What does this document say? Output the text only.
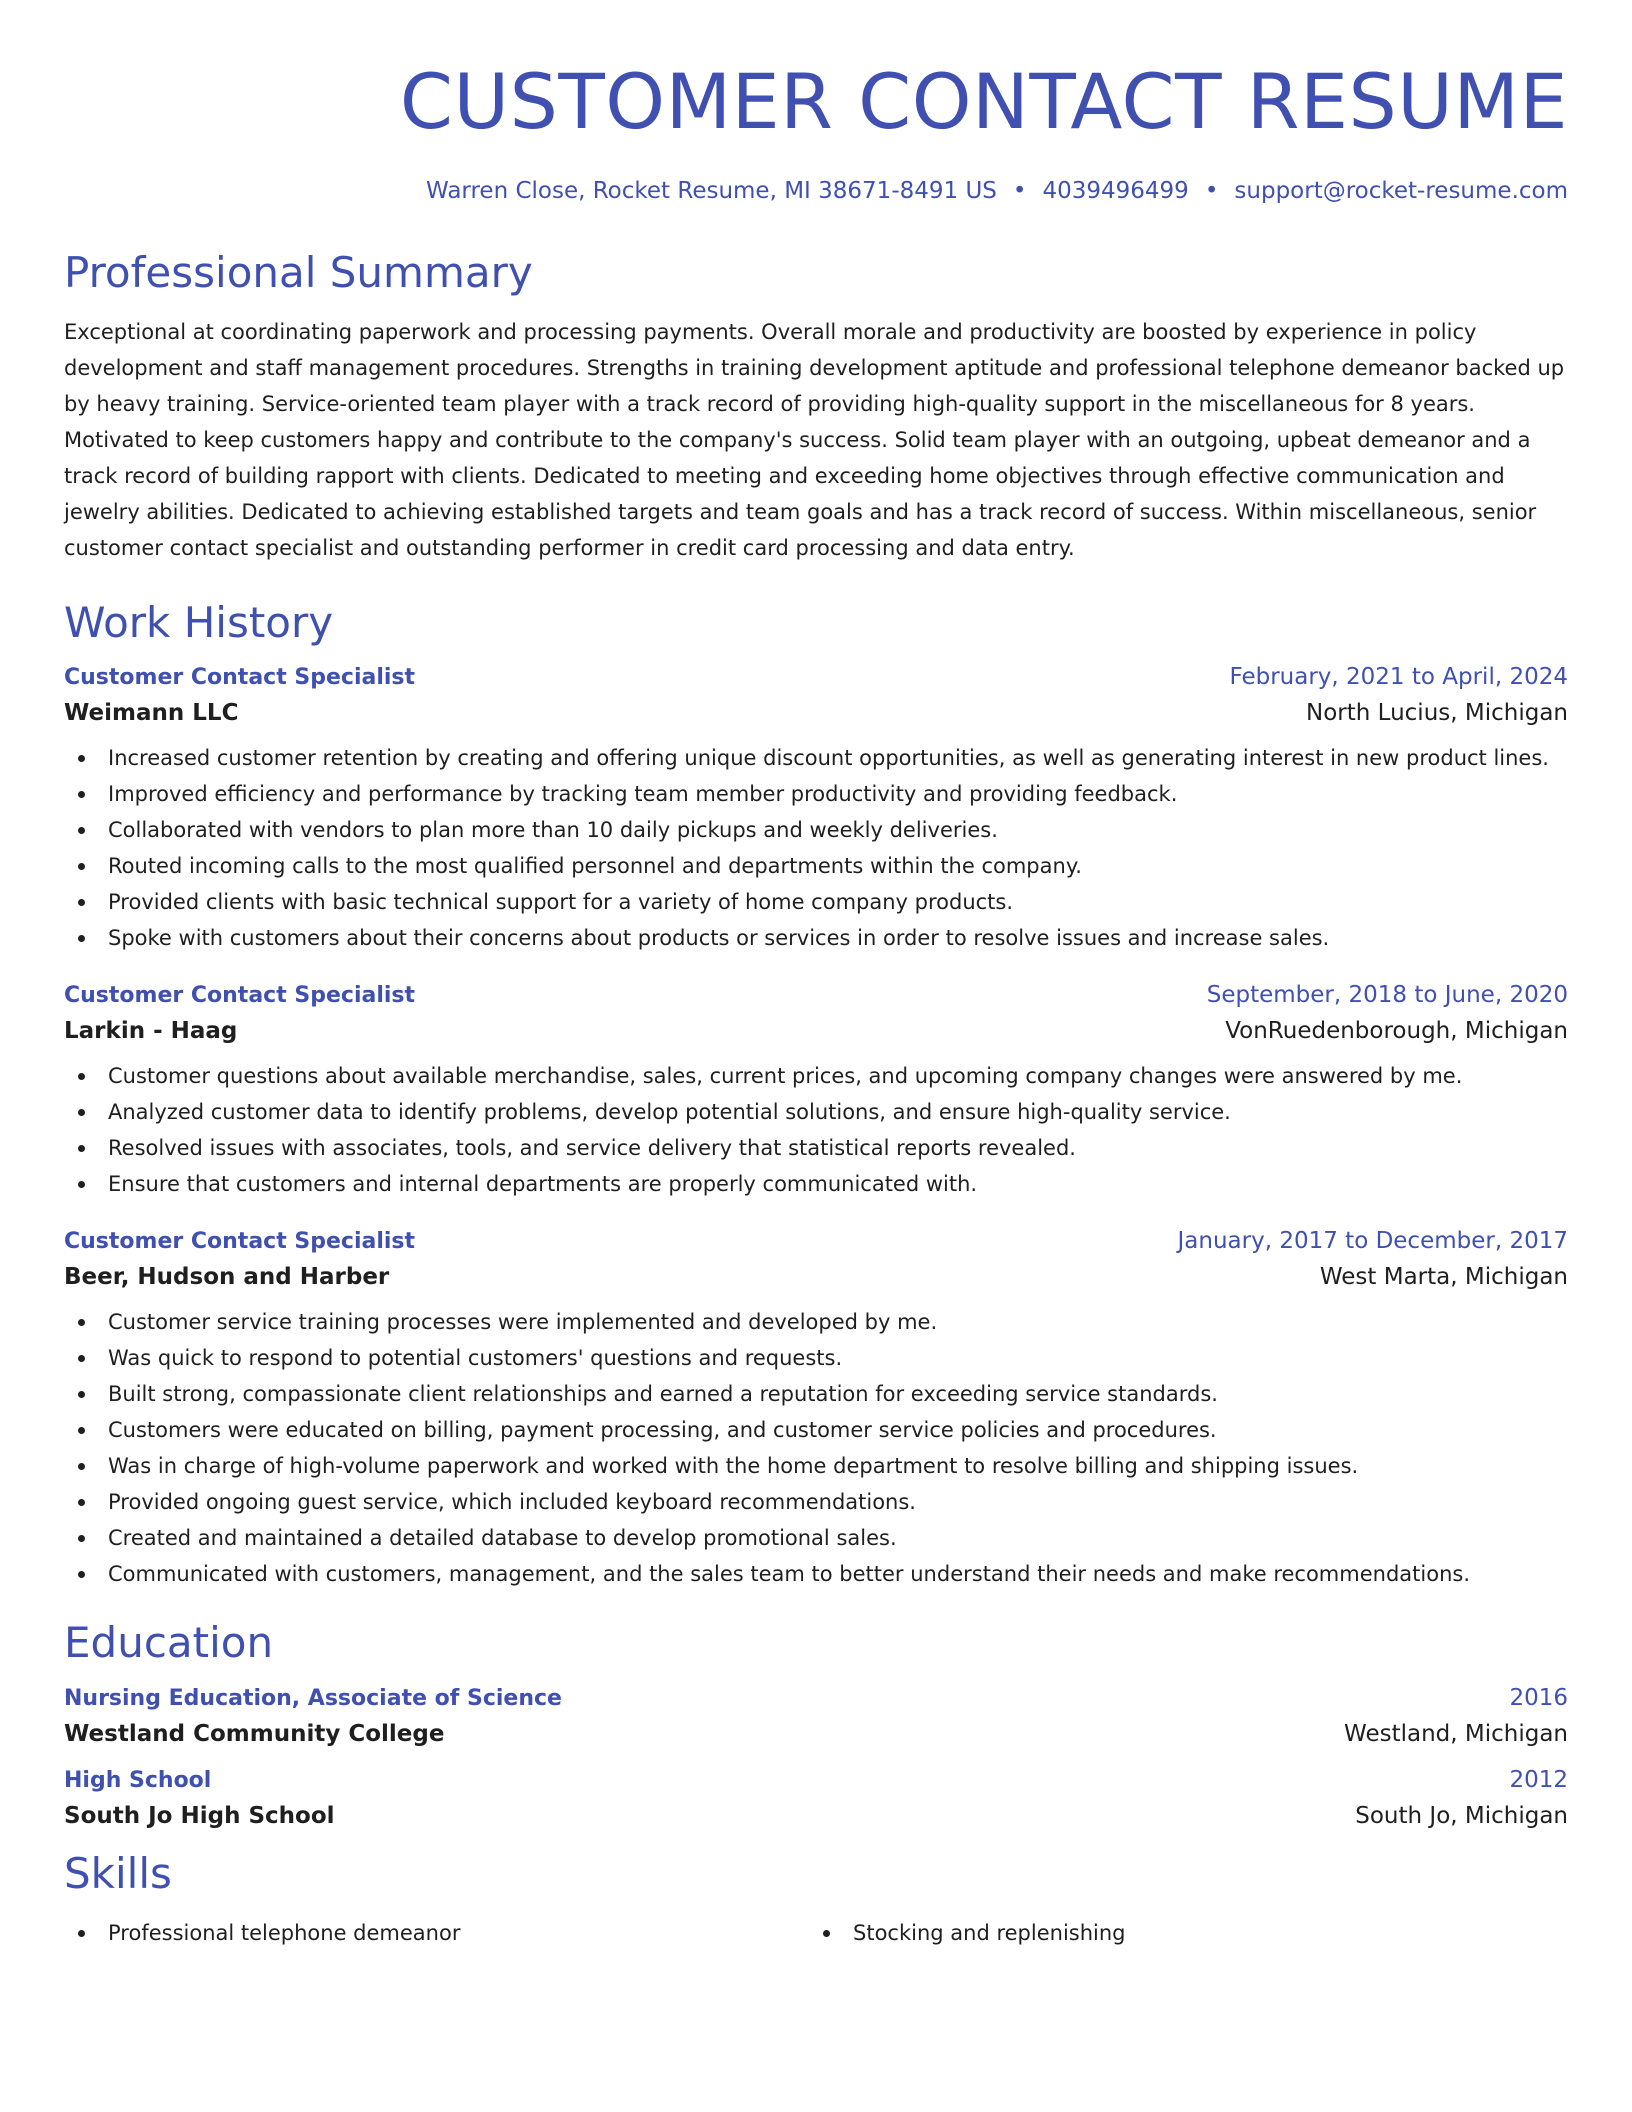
CUSTOMER CONTACT RESUME
Warren Close, Rocket Resume, MI 38671-8491 US • 4039496499 • support@rocket-resume.com
Professional Summary

Exceptional at coordinating paperwork and processing payments. Overall morale and productivity are boosted by experience in policy development and staff management procedures. Strengths in training development aptitude and professional telephone demeanor backed up by heavy training. Service-oriented team player with a track record of providing high-quality support in the miscellaneous for 8 years. Motivated to keep customers happy and contribute to the company's success. Solid team player with an outgoing, upbeat demeanor and a track record of building rapport with clients. Dedicated to meeting and exceeding home objectives through effective communication and jewelry abilities. Dedicated to achieving established targets and team goals and has a track record of success. Within miscellaneous, senior customer contact specialist and outstanding performer in credit card processing and data entry.

Work History
Customer Contact Specialist	February, 2021 to April, 2024
Weimann LLC	North Lucius, Michigan
Increased customer retention by creating and offering unique discount opportunities, as well as generating interest in new product lines.
Improved efficiency and performance by tracking team member productivity and providing feedback.
Collaborated with vendors to plan more than 10 daily pickups and weekly deliveries.
Routed incoming calls to the most qualified personnel and departments within the company.
Provided clients with basic technical support for a variety of home company products.
Spoke with customers about their concerns about products or services in order to resolve issues and increase sales.
Customer Contact Specialist	September, 2018 to June, 2020
Larkin - Haag	VonRuedenborough, Michigan
Customer questions about available merchandise, sales, current prices, and upcoming company changes were answered by me.
Analyzed customer data to identify problems, develop potential solutions, and ensure high-quality service.
Resolved issues with associates, tools, and service delivery that statistical reports revealed.
Ensure that customers and internal departments are properly communicated with.
Customer Contact Specialist	January, 2017 to December, 2017
Beer, Hudson and Harber	West Marta, Michigan
Customer service training processes were implemented and developed by me.
Was quick to respond to potential customers' questions and requests.
Built strong, compassionate client relationships and earned a reputation for exceeding service standards.
Customers were educated on billing, payment processing, and customer service policies and procedures.
Was in charge of high-volume paperwork and worked with the home department to resolve billing and shipping issues.
Provided ongoing guest service, which included keyboard recommendations.
Created and maintained a detailed database to develop promotional sales.
Communicated with customers, management, and the sales team to better understand their needs and make recommendations.
Education
Nursing Education, Associate of Science	2016
Westland Community College	Westland, Michigan
High School	2012
South Jo High School	South Jo, Michigan
Skills
Professional telephone demeanor	Stocking and replenishing
